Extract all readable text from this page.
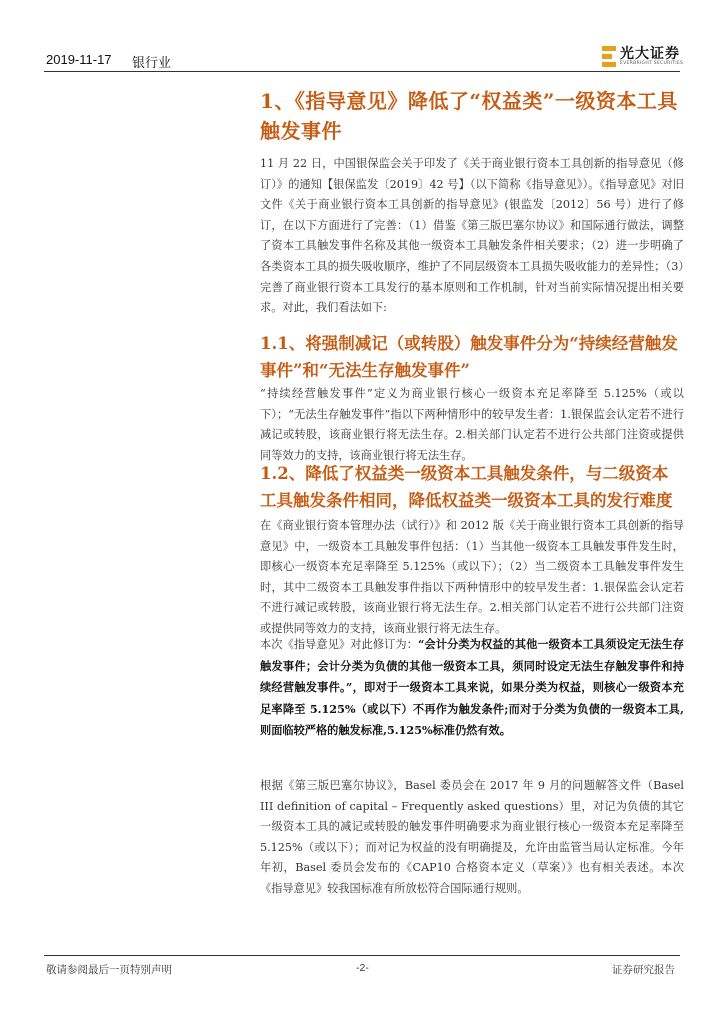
2019-11-17 银行业
光大证券
EVERBRIGHT SECURITIES
1、《指导意见》降低了“权益类”一级资本工具触发事件

11 月 22 日，中国银保监会关于印发了《关于商业银行资本工具创新的指导意见（修订）》的通知【银保监发〔2019〕42 号】（以下简称《指导意见》）。《指导意见》对旧文件《关于商业银行资本工具创新的指导意见》(银监发〔2012〕56 号）进行了修订，在以下方面进行了完善：（1）借鉴《第三版巴塞尔协议》和国际通行做法，调整了资本工具触发事件名称及其他一级资本工具触发条件相关要求；（2）进一步明确了各类资本工具的损失吸收顺序，维护了不同层级资本工具损失吸收能力的差异性；（3）完善了商业银行资本工具发行的基本原则和工作机制，针对当前实际情况提出相关要求。对此，我们看法如下:

1.1、将强制减记（或转股）触发事件分为“持续经营触发事件”和“无法生存触发事件”

“持续经营触发事件”定义为商业银行核心一级资本充足率降至 5.125%（或以下）；“无法生存触发事件”指以下两种情形中的较早发生者：1.银保监会认定若不进行减记或转股，该商业银行将无法生存。2.相关部门认定若不进行公共部门注资或提供同等效力的支持，该商业银行将无法生存。

1.2、降低了权益类一级资本工具触发条件，与二级资本工具触发条件相同，降低权益类一级资本工具的发行难度

在《商业银行资本管理办法（试行）》和 2012 版《关于商业银行资本工具创新的指导意见》中，一级资本工具触发事件包括：（1）当其他一级资本工具触发事件发生时，即核心一级资本充足率降至 5.125%（或以下）；（2）当二级资本工具触发事件发生时，其中二级资本工具触发事件指以下两种情形中的较早发生者：1.银保监会认定若不进行减记或转股，该商业银行将无法生存。2.相关部门认定若不进行公共部门注资或提供同等效力的支持，该商业银行将无法生存。

本次《指导意见》对此修订为：“会计分类为权益的其他一级资本工具须设定无法生存触发事件；会计分类为负债的其他一级资本工具，须同时设定无法生存触发事件和持续经营触发事件。”，即对于一级资本工具来说，如果分类为权益，则核心一级资本充足率降至 5.125%（或以下）不再作为触发条件;而对于分类为负债的一级资本工具,则面临较严格的触发标准,5.125%标准仍然有效。

根据《第三版巴塞尔协议》，Basel 委员会在 2017 年 9 月的问题解答文件（Basel III definition of capital – Frequently asked questions）里，对记为负债的其它一级资本工具的减记或转股的触发事件明确要求为商业银行核心一级资本充足率降至 5.125%（或以下）；而对记为权益的没有明确提及，允许由监管当局认定标准。今年年初，Basel 委员会发布的《CAP10 合格资本定义（草案）》也有相关表述。本次《指导意见》较我国标准有所放松符合国际通行规则。

敬请参阅最后一页特别声明	-2-	证券研究报告
